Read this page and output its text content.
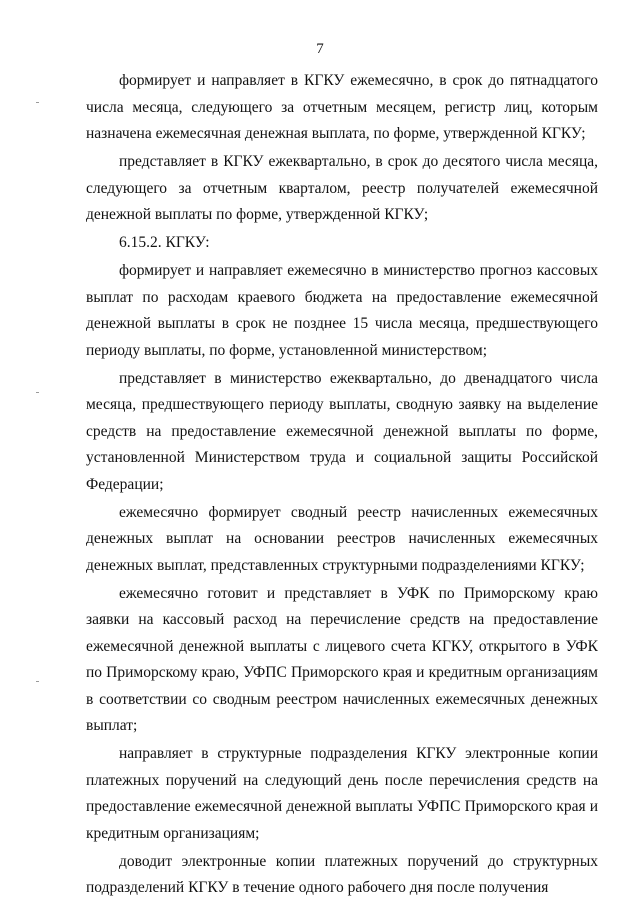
7

формирует и направляет в КГКУ ежемесячно, в срок до пятнадцатого числа месяца, следующего за отчетным месяцем, регистр лиц, которым назначена ежемесячная денежная выплата, по форме, утвержденной КГКУ;

представляет в КГКУ ежеквартально, в срок до десятого числа месяца, следующего за отчетным кварталом, реестр получателей ежемесячной денежной выплаты по форме, утвержденной КГКУ;

6.15.2. КГКУ:

формирует и направляет ежемесячно в министерство прогноз кассовых выплат по расходам краевого бюджета на предоставление ежемесячной денежной выплаты в срок не позднее 15 числа месяца, предшествующего периоду выплаты, по форме, установленной министерством;

представляет в министерство ежеквартально, до двенадцатого числа месяца, предшествующего периоду выплаты, сводную заявку на выделение средств на предоставление ежемесячной денежной выплаты по форме, установленной Министерством труда и социальной защиты Российской Федерации;

ежемесячно формирует сводный реестр начисленных ежемесячных денежных выплат на основании реестров начисленных ежемесячных денежных выплат, представленных структурными подразделениями КГКУ;

ежемесячно готовит и представляет в УФК по Приморскому краю заявки на кассовый расход на перечисление средств на предоставление ежемесячной денежной выплаты с лицевого счета КГКУ, открытого в УФК по Приморскому краю, УФПС Приморского края и кредитным организациям в соответствии со сводным реестром начисленных ежемесячных денежных выплат;

направляет в структурные подразделения КГКУ электронные копии платежных поручений на следующий день после перечисления средств на предоставление ежемесячной денежной выплаты УФПС Приморского края и кредитным организациям;

доводит электронные копии платежных поручений до структурных подразделений КГКУ в течение одного рабочего дня после получения
